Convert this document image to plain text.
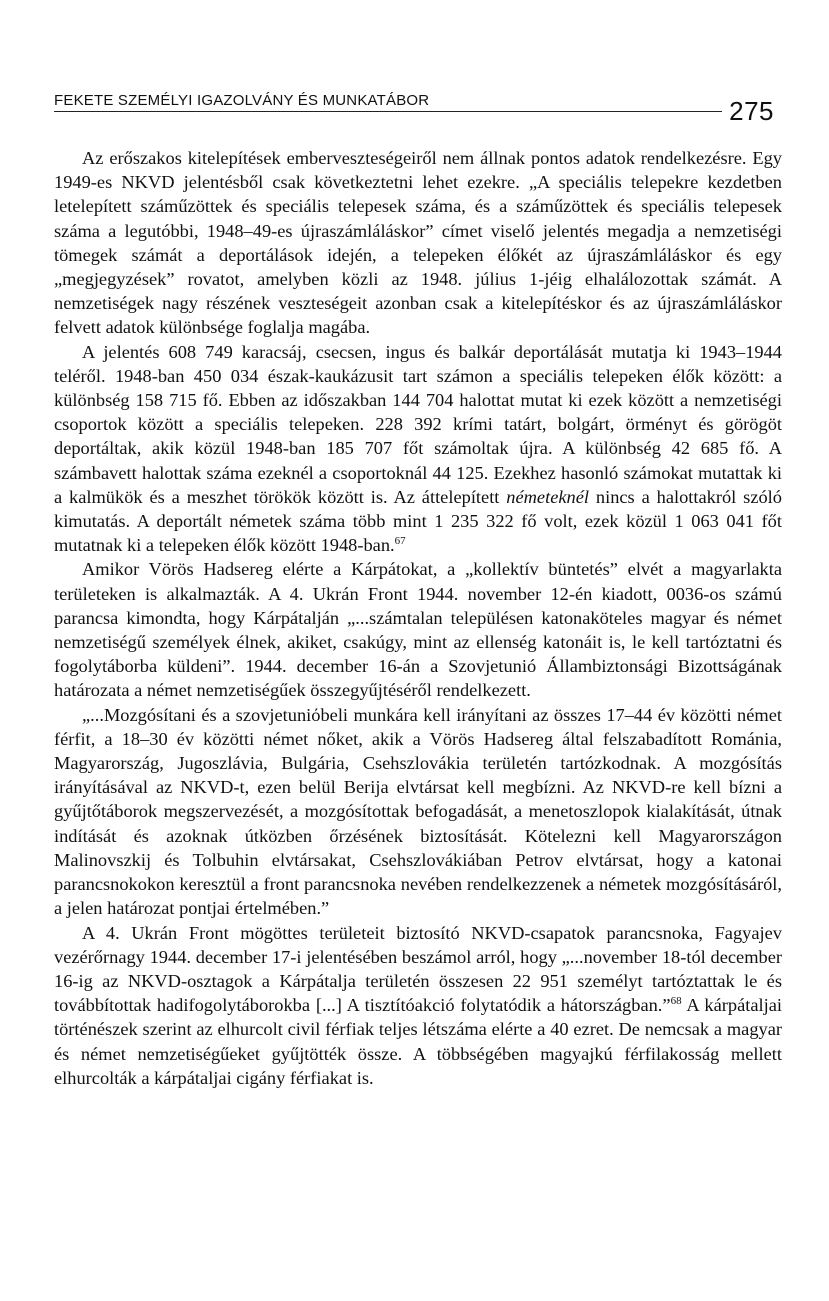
FEKETE SZEMÉLYI IGAZOLVÁNY ÉS MUNKATÁBOR	275

Az erőszakos kitelepítések emberveszteségeiről nem állnak pontos adatok rendelkezésre. Egy 1949-es NKVD jelentésből csak következtetni lehet ezekre. „A speciális telepekre kezdetben letelepített száműzöttek és speciális telepesek száma, és a száműzöttek és speciális telepesek száma a legutóbbi, 1948–49-es újraszámláláskor” címet viselő jelentés megadja a nemzetiségi tömegek számát a deportálások idején, a telepeken élőkét az újraszámláláskor és egy „megjegyzések” rovatot, amelyben közli az 1948. július 1-jéig elhalálozottak számát. A nemzetiségek nagy részének veszteségeit azonban csak a kitelepítéskor és az újraszámláláskor felvett adatok különbsége foglalja magába.

A jelentés 608 749 karacsáj, csecsen, ingus és balkár deportálását mutatja ki 1943–1944 teléről. 1948-ban 450 034 észak-kaukázusit tart számon a speciális telepeken élők között: a különbség 158 715 fő. Ebben az időszakban 144 704 halottat mutat ki ezek között a nemzetiségi csoportok között a speciális telepeken. 228 392 krími tatárt, bolgárt, örményt és görögöt deportáltak, akik közül 1948-ban 185 707 főt számoltak újra. A különbség 42 685 fő. A számbavett halottak száma ezeknél a csoportoknál 44 125. Ezekhez hasonló számokat mutattak ki a kalmükök és a meszhet törökök között is. Az áttelepített németeknél nincs a halottakról szóló kimutatás. A deportált németek száma több mint 1 235 322 fő volt, ezek közül 1 063 041 főt mutatnak ki a telepeken élők között 1948-ban.$^{67}$

Amikor Vörös Hadsereg elérte a Kárpátokat, a „kollektív büntetés” elvét a magyarlakta területeken is alkalmazták. A 4. Ukrán Front 1944. november 12-én kiadott, 0036-os számú parancsa kimondta, hogy Kárpátalján „...számtalan településen katonaköteles magyar és német nemzetiségű személyek élnek, akiket, csakúgy, mint az ellenség katonáit is, le kell tartóztatni és fogolytáborba küldeni”. 1944. december 16-án a Szovjetunió Állambiztonsági Bizottságának határozata a német nemzetiségűek összegyűjtéséről rendelkezett.

„...Mozgósítani és a szovjetuniόbeli munkára kell irányítani az összes 17–44 év közötti német férfit, a 18–30 év közötti német nőket, akik a Vörös Hadsereg által felszabadított Románia, Magyarország, Jugoszlávia, Bulgária, Csehszlovákia területén tartózkodnak. A mozgósítás irányításával az NKVD-t, ezen belül Berija elvtársat kell megbízni. Az NKVD-re kell bízni a gyűjtőtáborok megszervezését, a mozgósítottak befogadását, a menetoszlopok kialakítását, útnak indítását és azoknak útközben őrzésének biztosítását. Kötelezni kell Magyarországon Malinovszkij és Tolbuhin elvtársakat, Csehszlovákiában Petrov elvtársat, hogy a katonai parancsnokokon keresztül a front parancsnoka nevében rendelkezzenek a németek mozgósításáról, a jelen határozat pontjai értelmében.”

A 4. Ukrán Front mögöttes területeit biztosító NKVD-csapatok parancsnoka, Fagyajev vezérőrnagy 1944. december 17-i jelentésében beszámol arról, hogy „...november 18-tól december 16-ig az NKVD-osztagok a Kárpátalja területén összesen 22 951 személyt tartóztattak le és továbbítottak hadifogolytáborokba [...] A tisztítóakció folytatódik a hátországban.”$^{68}$ A kárpátaljai történészek szerint az elhurcolt civil férfiak teljes létszáma elérte a 40 ezret. De nemcsak a magyar és német nemzetiségűeket gyűjtötték össze. A többségében magyajkú férfilakosság mellett elhurcolták a kárpátaljai cigány férfiakat is.
